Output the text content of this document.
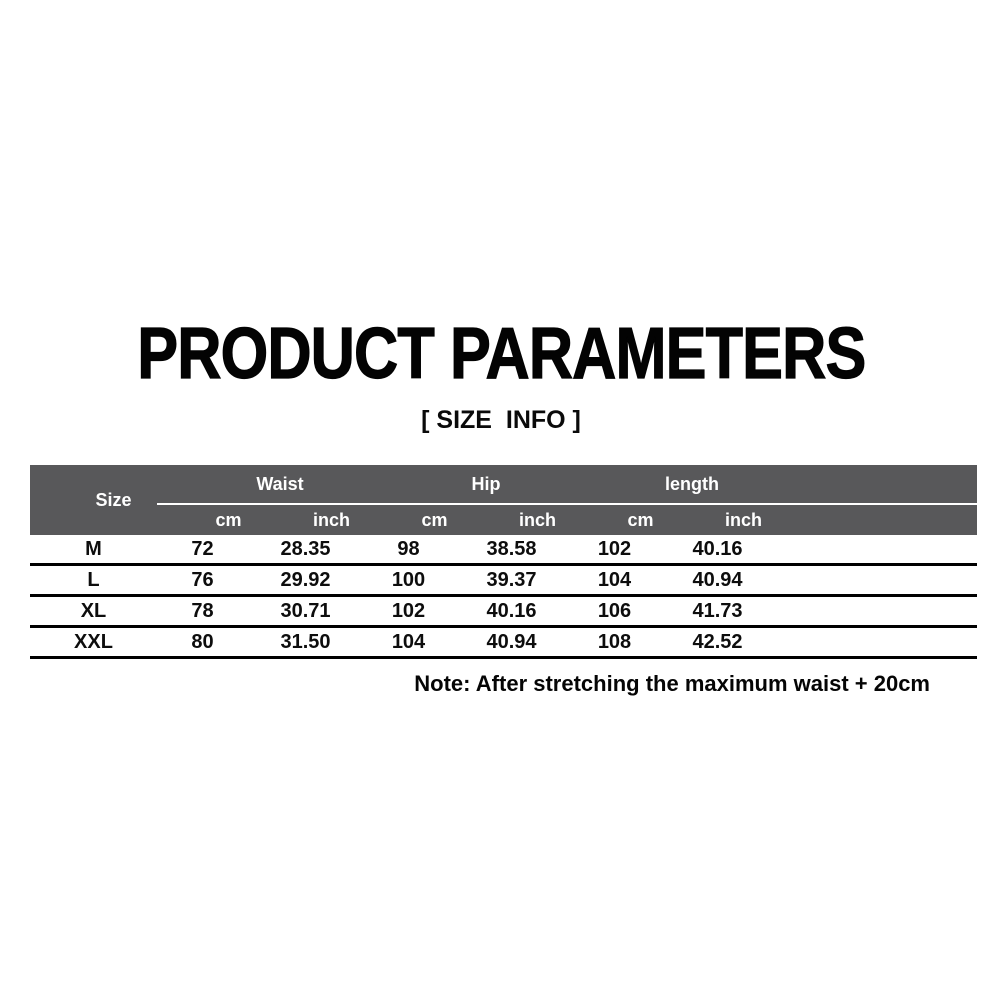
PRODUCT PARAMETERS
[ SIZE  INFO ]
Size	Waist		Hip		length		

	cm	inch	cm	inch	cm	inch	

M	72	28.35	98	38.58	102	40.16	
L	76	29.92	100	39.37	104	40.94	
XL	78	30.71	102	40.16	106	41.73	
XXL	80	31.50	104	40.94	108	42.52	
Note: After stretching the maximum waist + 20cm
